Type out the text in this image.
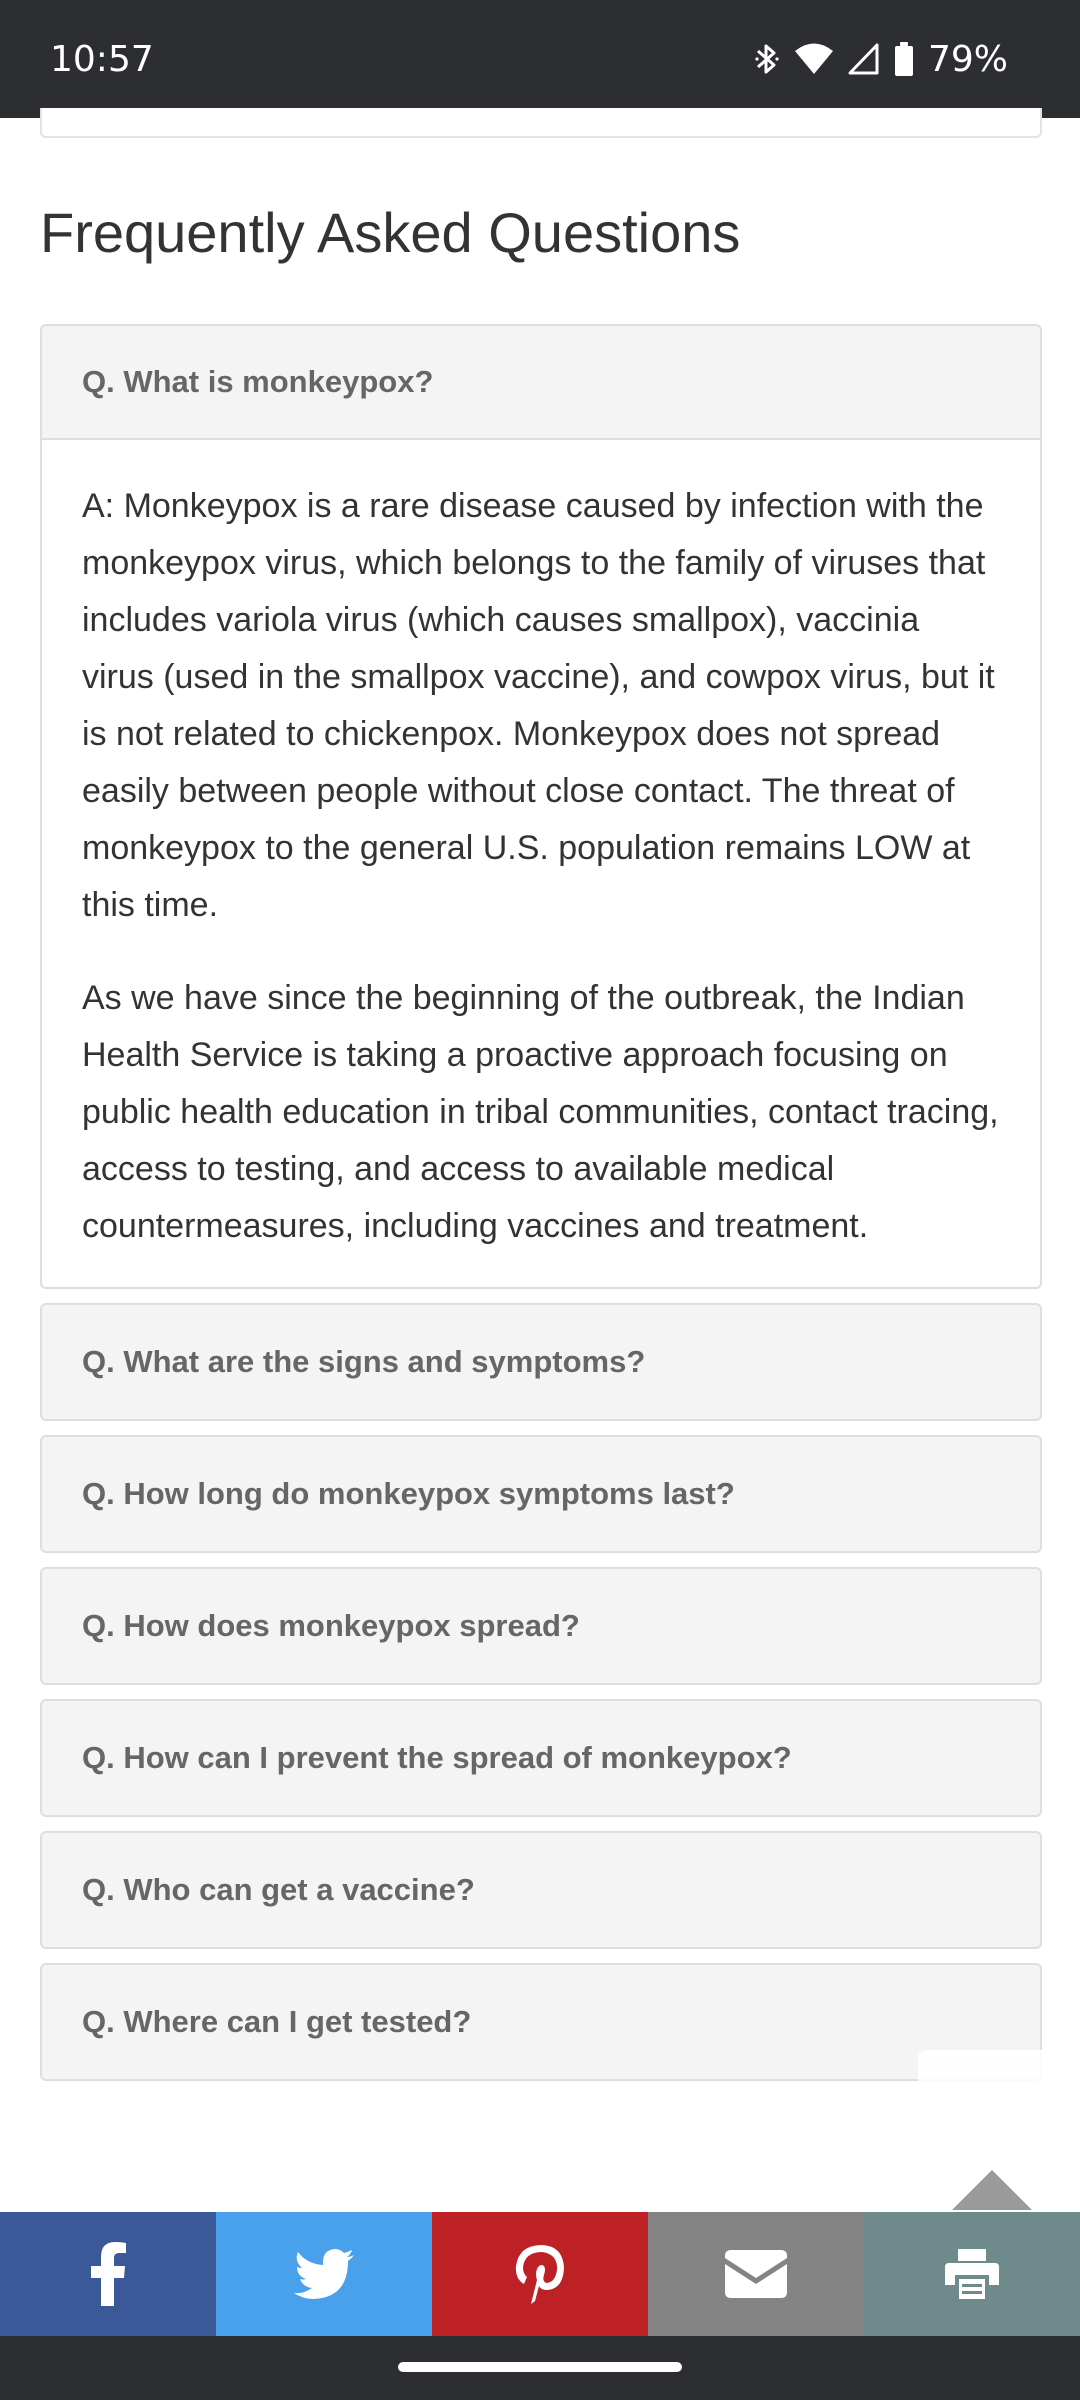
10:57	79%
Frequently Asked Questions
Q. What is monkeypox?

A: Monkeypox is a rare disease caused by infection with the monkeypox virus, which belongs to the family of viruses that includes variola virus (which causes smallpox), vaccinia virus (used in the smallpox vaccine), and cowpox virus, but it is not related to chickenpox. Monkeypox does not spread easily between people without close contact. The threat of monkeypox to the general U.S. population remains LOW at this time.

As we have since the beginning of the outbreak, the Indian Health Service is taking a proactive approach focusing on public health education in tribal communities, contact tracing, access to testing, and access to available medical countermeasures, including vaccines and treatment.

Q. What are the signs and symptoms?
Q. How long do monkeypox symptoms last?
Q. How does monkeypox spread?
Q. How can I prevent the spread of monkeypox?
Q. Who can get a vaccine?
Q. Where can I get tested?
